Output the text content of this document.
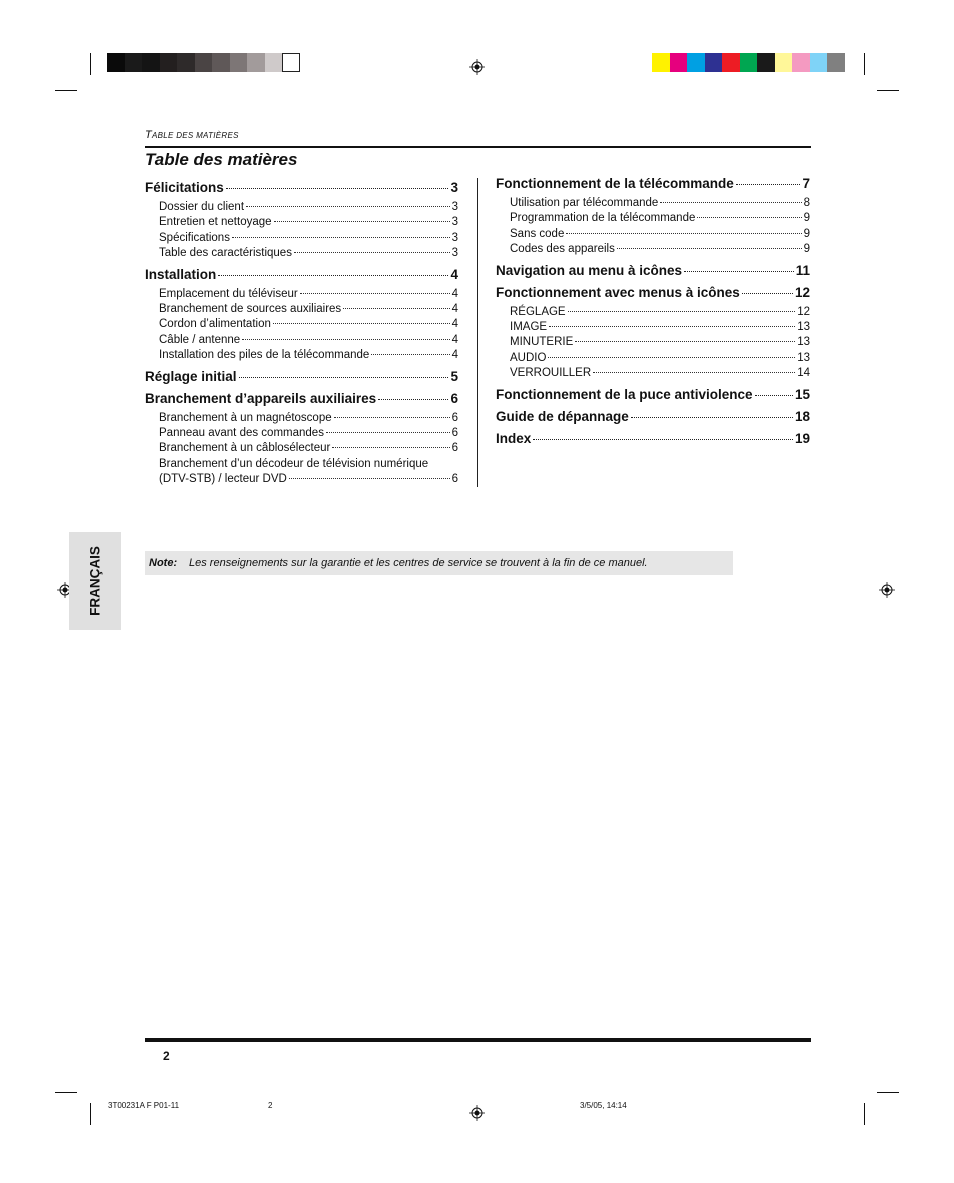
TABLE DES MATIÈRES
Table des matières
Félicitations	3
Dossier du client	3
Entretien et nettoyage	3
Spécifications	3
Table des caractéristiques	3
Installation	4
Emplacement du téléviseur	4
Branchement de sources auxiliaires	4
Cordon d’alimentation	4
Câble / antenne	4
Installation des piles de la télécommande	4
Réglage initial	5
Branchement d’appareils auxiliaires	6
Branchement à un magnétoscope	6
Panneau avant des commandes	6
Branchement à un câblosélecteur	6
Branchement d’un décodeur de télévision numérique
(DTV-STB) / lecteur DVD	6
Fonctionnement de la télécommande	7
Utilisation par télécommande	8
Programmation de la télécommande	9
Sans code	9
Codes des appareils	9
Navigation au menu à icônes	11
Fonctionnement avec menus à icônes	12
RÉGLAGE	12
IMAGE	13
MINUTERIE	13
AUDIO	13
VERROUILLER	14
Fonctionnement de la puce antiviolence	15
Guide de dépannage	18
Index	19
Note:	Les renseignements sur la garantie et les centres de service se trouvent à la fin de ce manuel.
FRANÇAIS
2
3T00231A F P01-11	2	3/5/05, 14:14
